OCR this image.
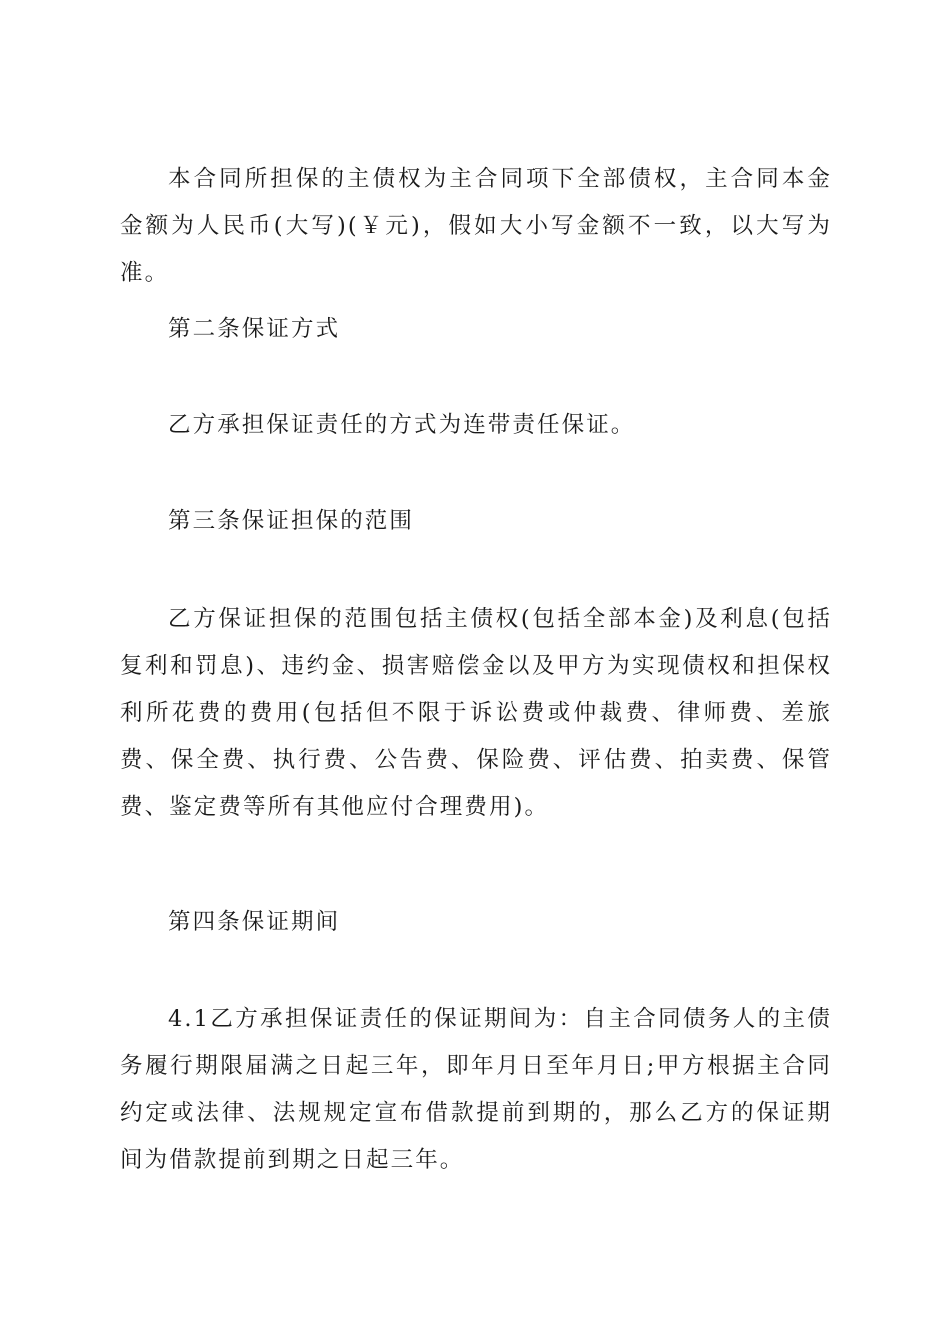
本合同所担保的主债权为主合同项下全部债权，主合同本金金额为人民币(大写)(￥元)，假如大小写金额不一致，以大写为准。

第二条保证方式

乙方承担保证责任的方式为连带责任保证。

第三条保证担保的范围

乙方保证担保的范围包括主债权(包括全部本金)及利息(包括复利和罚息)、违约金、损害赔偿金以及甲方为实现债权和担保权利所花费的费用(包括但不限于诉讼费或仲裁费、律师费、差旅费、保全费、执行费、公告费、保险费、评估费、拍卖费、保管费、鉴定费等所有其他应付合理费用)。

第四条保证期间

4.1乙方承担保证责任的保证期间为：自主合同债务人的主债务履行期限届满之日起三年，即年月日至年月日;甲方根据主合同约定或法律、法规规定宣布借款提前到期的，那么乙方的保证期间为借款提前到期之日起三年。
